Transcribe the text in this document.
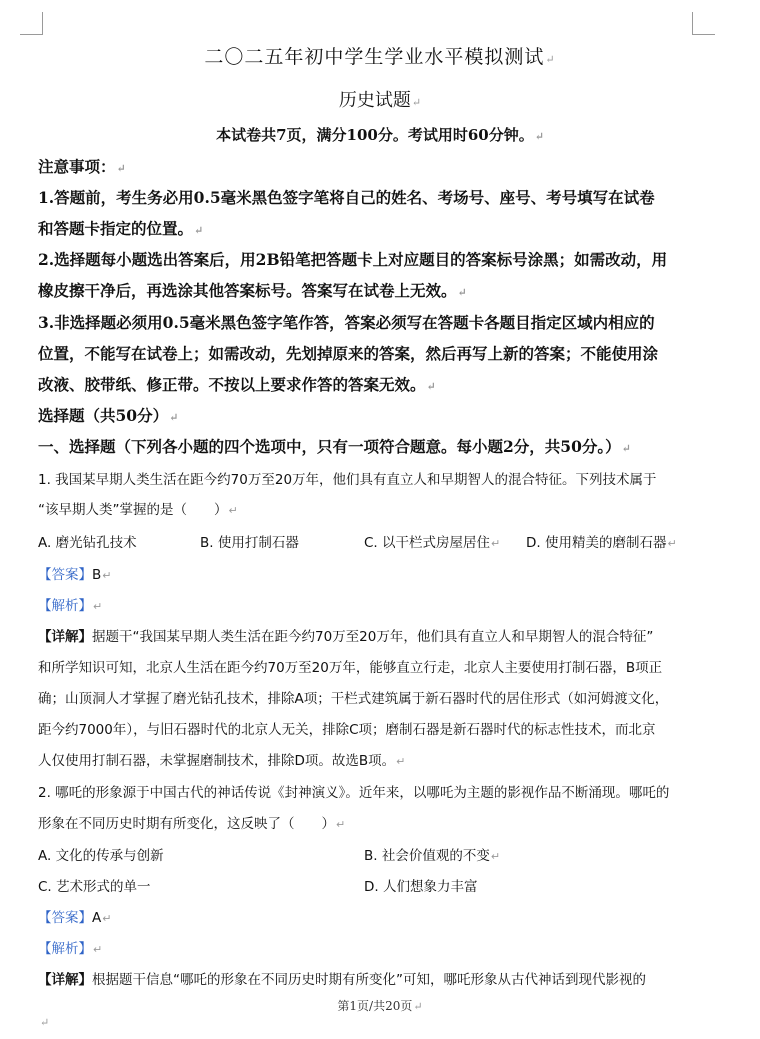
二〇二五年初中学生学业水平模拟测试↵
历史试题↵
本试卷共7页，满分100分。考试用时60分钟。↵
注意事项：↵
1.答题前，考生务必用0.5毫米黑色签字笔将自己的姓名、考场号、座号、考号填写在试卷
和答题卡指定的位置。↵
2.选择题每小题选出答案后，用2B铅笔把答题卡上对应题目的答案标号涂黑；如需改动，用
橡皮擦干净后，再选涂其他答案标号。答案写在试卷上无效。↵
3.非选择题必须用0.5毫米黑色签字笔作答，答案必须写在答题卡各题目指定区域内相应的
位置，不能写在试卷上；如需改动，先划掉原来的答案，然后再写上新的答案；不能使用涂
改液、胶带纸、修正带。不按以上要求作答的答案无效。↵
选择题（共50分）↵
一、选择题（下列各小题的四个选项中，只有一项符合题意。每小题2分，共50分。）↵
1. 我国某早期人类生活在距今约70万至20万年，他们具有直立人和早期智人的混合特征。下列技术属于
“该早期人类”掌握的是（　　）↵
A. 磨光钻孔技术	B. 使用打制石器	C. 以干栏式房屋居住↵ D. 使用精美的磨制石器↵
【答案】B↵
【解析】↵
【详解】据题干“我国某早期人类生活在距今约70万至20万年，他们具有直立人和早期智人的混合特征”
和所学知识可知，北京人生活在距今约70万至20万年，能够直立行走，北京人主要使用打制石器，B项正
确；山顶洞人才掌握了磨光钻孔技术，排除A项；干栏式建筑属于新石器时代的居住形式（如河姆渡文化，
距今约7000年），与旧石器时代的北京人无关，排除C项；磨制石器是新石器时代的标志性技术，而北京
人仅使用打制石器，未掌握磨制技术，排除D项。故选B项。↵
2. 哪吒的形象源于中国古代的神话传说《封神演义》。近年来，以哪吒为主题的影视作品不断涌现。哪吒的
形象在不同历史时期有所变化，这反映了（　　）↵
A. 文化的传承与创新	B. 社会价值观的不变↵
C. 艺术形式的单一	D. 人们想象力丰富
【答案】A↵
【解析】↵
【详解】根据题干信息“哪吒的形象在不同历史时期有所变化”可知，哪吒形象从古代神话到现代影视的
第1页/共20页↵
↵
